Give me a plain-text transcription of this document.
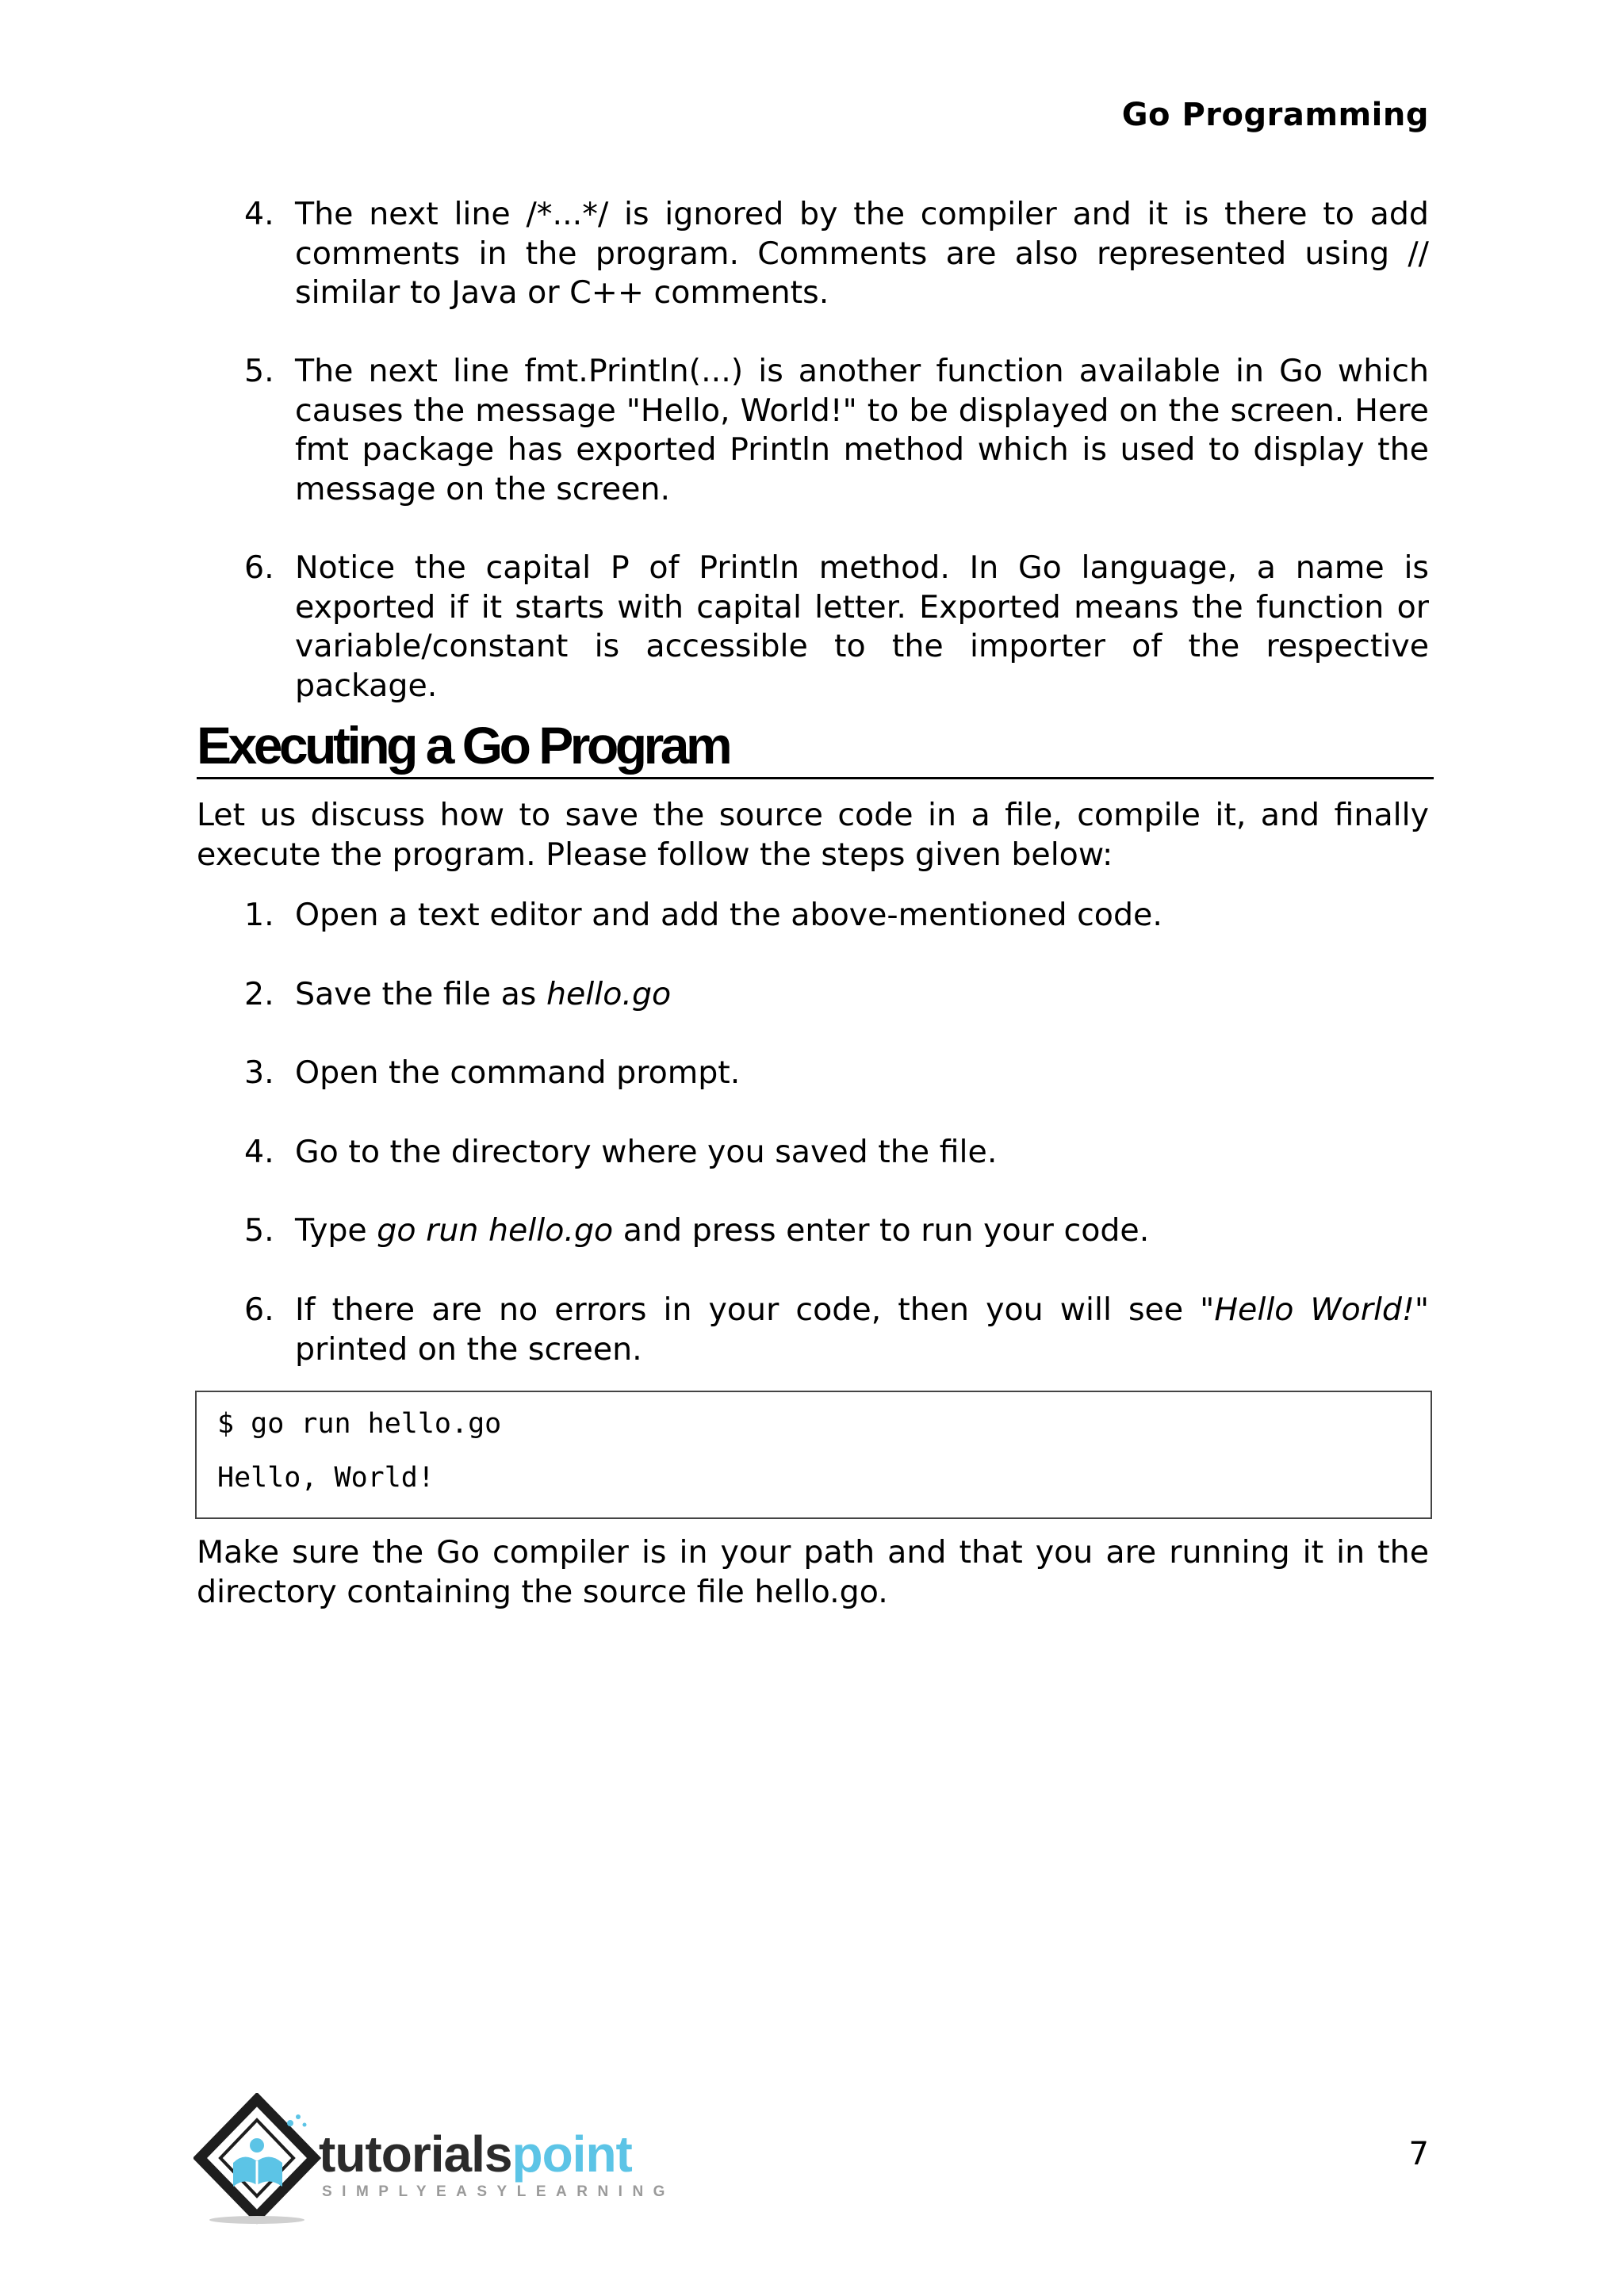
Go Programming
4. The next line /*...*/ is ignored by the compiler and it is there to add comments in the program. Comments are also represented using // similar to Java or C++ comments.
5. The next line fmt.Println(...) is another function available in Go which causes the message "Hello, World!" to be displayed on the screen. Here fmt package has exported Println method which is used to display the message on the screen.
6. Notice the capital P of Println method. In Go language, a name is exported if it starts with capital letter. Exported means the function or variable/constant is accessible to the importer of the respective package.
Executing a Go Program

Let us discuss how to save the source code in a file, compile it, and finally execute the program. Please follow the steps given below:

1. Open a text editor and add the above-mentioned code.
2. Save the file as hello.go
3. Open the command prompt.
4. Go to the directory where you saved the file.
5. Type go run hello.go and press enter to run your code.
6. If there are no errors in your code, then you will see "Hello World!" printed on the screen.
$ go run hello.go
Hello, World!

Make sure the Go compiler is in your path and that you are running it in the directory containing the source file hello.go.

tutorialspoint
SIMPLYEASYLEARNING
7
